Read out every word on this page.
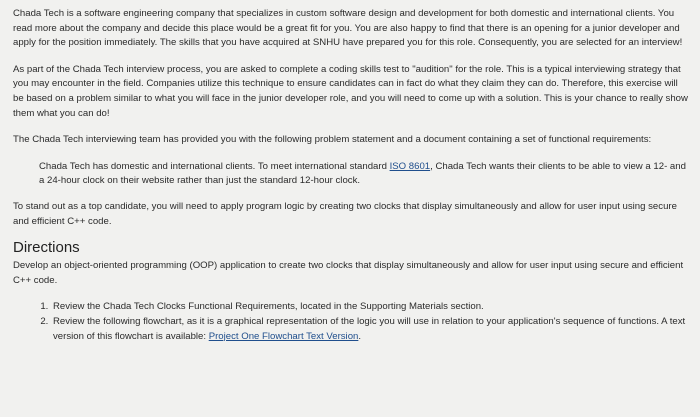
Chada Tech is a software engineering company that specializes in custom software design and development for both domestic and international clients. You read more about the company and decide this place would be a great fit for you. You are also happy to find that there is an opening for a junior developer and apply for the position immediately. The skills that you have acquired at SNHU have prepared you for this role. Consequently, you are selected for an interview!

As part of the Chada Tech interview process, you are asked to complete a coding skills test to "audition" for the role. This is a typical interviewing strategy that you may encounter in the field. Companies utilize this technique to ensure candidates can in fact do what they claim they can do. Therefore, this exercise will be based on a problem similar to what you will face in the junior developer role, and you will need to come up with a solution. This is your chance to really show them what you can do!

The Chada Tech interviewing team has provided you with the following problem statement and a document containing a set of functional requirements:

Chada Tech has domestic and international clients. To meet international standard ISO 8601, Chada Tech wants their clients to be able to view a 12- and a 24-hour clock on their website rather than just the standard 12-hour clock.

To stand out as a top candidate, you will need to apply program logic by creating two clocks that display simultaneously and allow for user input using secure and efficient C++ code.

Directions

Develop an object-oriented programming (OOP) application to create two clocks that display simultaneously and allow for user input using secure and efficient C++ code.

1. Review the Chada Tech Clocks Functional Requirements, located in the Supporting Materials section.
2. Review the following flowchart, as it is a graphical representation of the logic you will use in relation to your application's sequence of functions. A text version of this flowchart is available: Project One Flowchart Text Version.
